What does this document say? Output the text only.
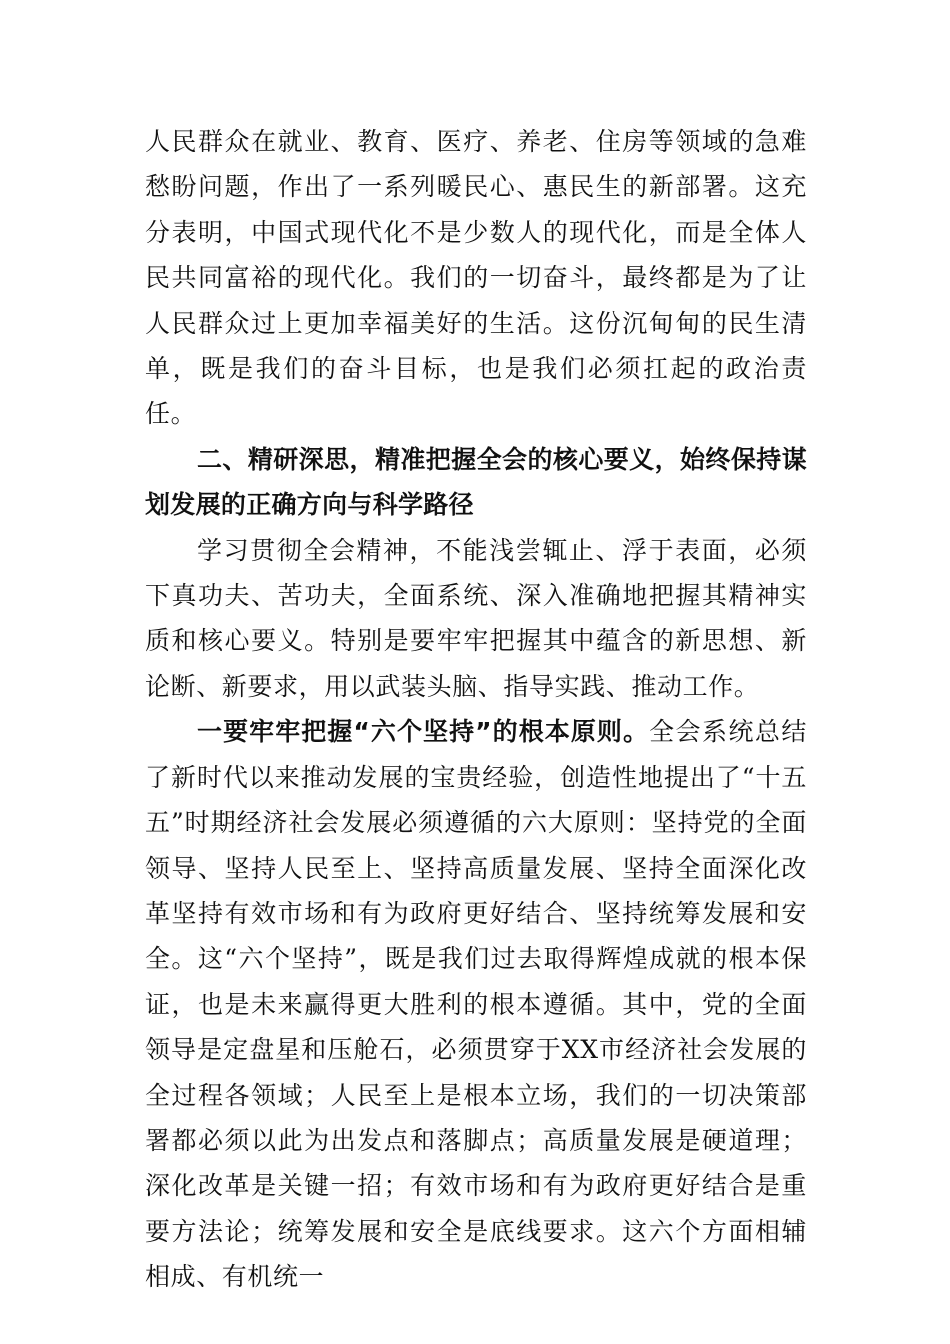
人民群众在就业、教育、医疗、养老、住房等领域的急难愁盼问题，作出了一系列暖民心、惠民生的新部署。这充分表明，中国式现代化不是少数人的现代化，而是全体人民共同富裕的现代化。我们的一切奋斗，最终都是为了让人民群众过上更加幸福美好的生活。这份沉甸甸的民生清单，既是我们的奋斗目标，也是我们必须扛起的政治责任。

二、精研深思，精准把握全会的核心要义，始终保持谋划发展的正确方向与科学路径

学习贯彻全会精神，不能浅尝辄止、浮于表面，必须下真功夫、苦功夫，全面系统、深入准确地把握其精神实质和核心要义。特别是要牢牢把握其中蕴含的新思想、新论断、新要求，用以武装头脑、指导实践、推动工作。

一要牢牢把握“六个坚持”的根本原则。全会系统总结了新时代以来推动发展的宝贵经验，创造性地提出了“十五五”时期经济社会发展必须遵循的六大原则：坚持党的全面领导、坚持人民至上、坚持高质量发展、坚持全面深化改革坚持有效市场和有为政府更好结合、坚持统筹发展和安全。这“六个坚持”，既是我们过去取得辉煌成就的根本保证，也是未来赢得更大胜利的根本遵循。其中，党的全面领导是定盘星和压舱石，必须贯穿于XX市经济社会发展的全过程各领域；人民至上是根本立场，我们的一切决策部署都必须以此为出发点和落脚点；高质量发展是硬道理；深化改革是关键一招；有效市场和有为政府更好结合是重要方法论；统筹发展和安全是底线要求。这六个方面相辅相成、有机统一
